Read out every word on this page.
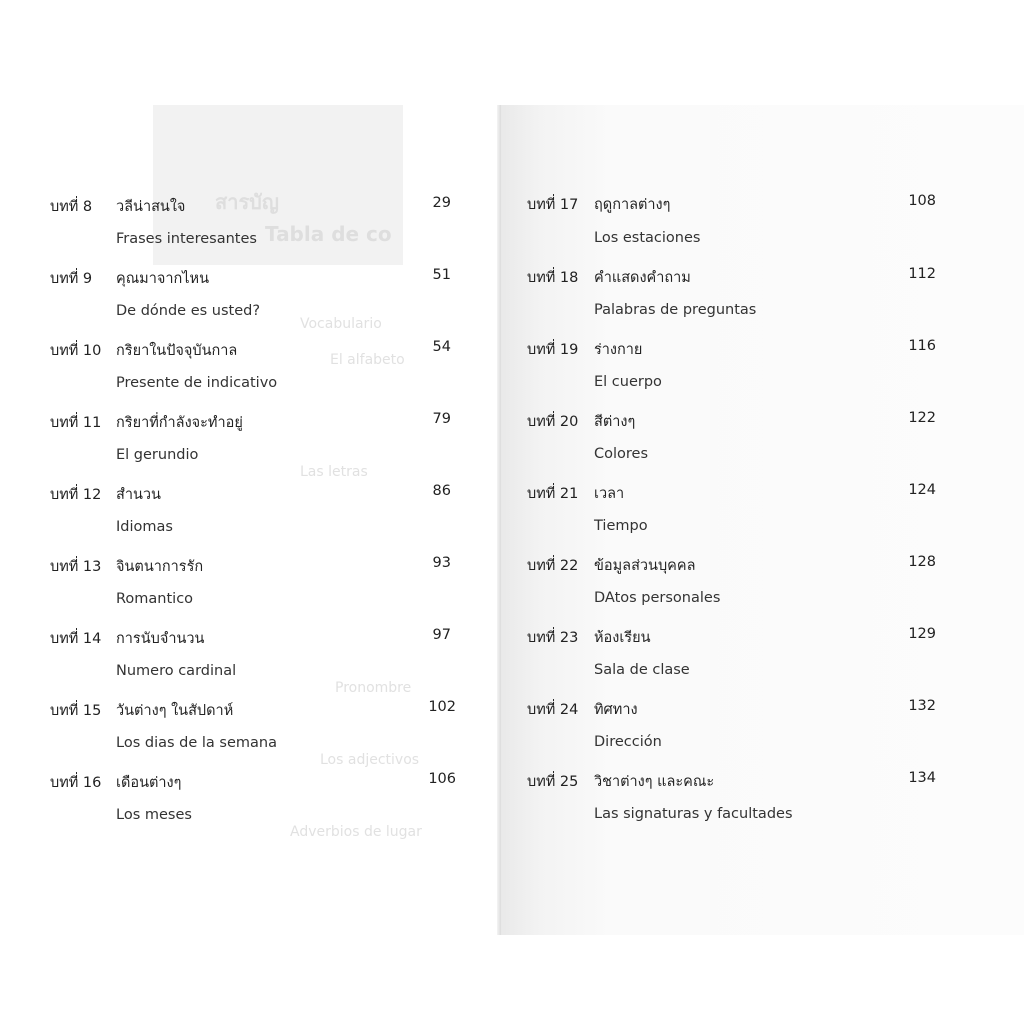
สารบัญ
Tabla de co
Vocabulario
El alfabeto
Las letras
Pronombre
Los adjectivos
Adverbios de lugar
บทที่ 8 วลีน่าสนใจ	29
Frases interesantes
บทที่ 9 คุณมาจากไหน	51
De dónde es usted?
บทที่ 10 กริยาในปัจจุบันกาล	54
Presente de indicativo
บทที่ 11 กริยาที่กำลังจะทำอยู่	79
El gerundio
บทที่ 12 สำนวน	86
Idiomas
บทที่ 13 จินตนาการรัก	93
Romantico
บทที่ 14 การนับจำนวน	97
Numero cardinal
บทที่ 15 วันต่างๆ ในสัปดาห์	102
Los dias de la semana
บทที่ 16 เดือนต่างๆ	106
Los meses
บทที่ 17 ฤดูกาลต่างๆ	108
Los estaciones
บทที่ 18 คำแสดงคำถาม	112
Palabras de preguntas
บทที่ 19 ร่างกาย	116
El cuerpo
บทที่ 20 สีต่างๆ	122
Colores
บทที่ 21 เวลา	124
Tiempo
บทที่ 22 ข้อมูลส่วนบุคคล	128
DAtos personales
บทที่ 23 ห้องเรียน	129
Sala de clase
บทที่ 24 ทิศทาง	132
Dirección
บทที่ 25 วิชาต่างๆ และคณะ	134
Las signaturas y facultades
